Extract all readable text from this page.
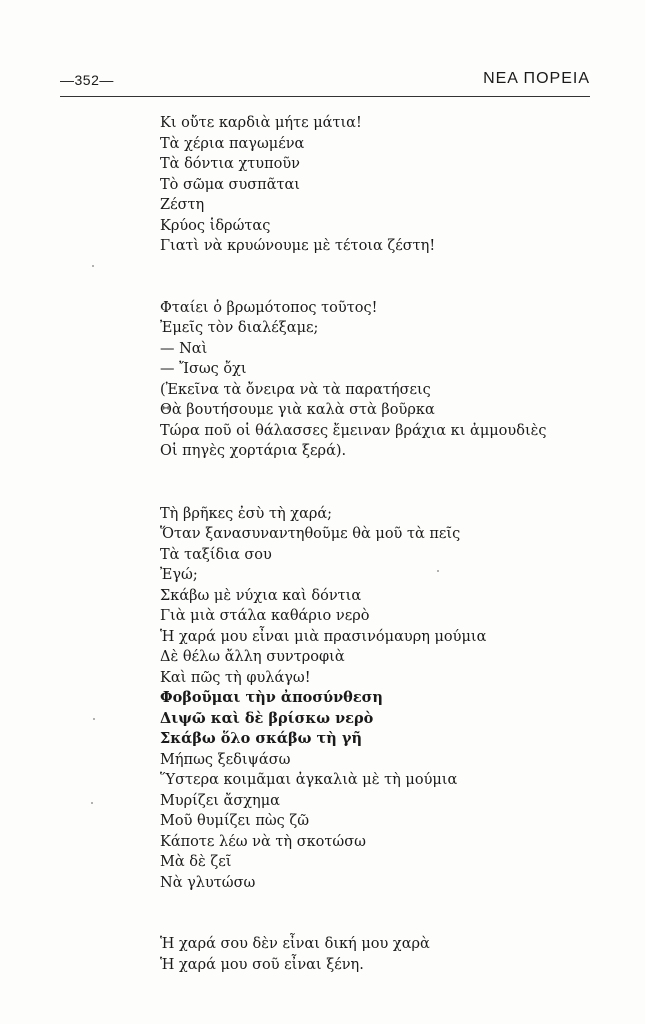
—352—	ΝΕΑ ΠΟΡΕΙΑ
Κι οὔτε καρδιὰ μήτε μάτια!
Τὰ χέρια παγωμένα
Τὰ δόντια χτυποῦν
Τὸ σῶμα συσπᾶται
Ζέστη
Κρύος ἱδρώτας
Γιατὶ νὰ κρυώνουμε μὲ τέτοια ζέστη!
Φταίει ὁ βρωμότοπος τοῦτος!
Ἐμεῖς τὸν διαλέξαμε;
— Ναὶ
— Ἴσως ὄχι
(Ἐκεῖνα τὰ ὄνειρα νὰ τὰ παρατήσεις
Θὰ βουτήσουμε γιὰ καλὰ στὰ βοῦρκα
Τώρα ποῦ οἱ θάλασσες ἔμειναν βράχια κι ἀμμουδιὲς
Οἱ πηγὲς χορτάρια ξερά).
Τὴ βρῆκες ἐσὺ τὴ χαρά;
Ὅταν ξανασυναντηθοῦμε θὰ μοῦ τὰ πεῖς
Τὰ ταξίδια σου
Ἐγώ;
Σκάβω μὲ νύχια καὶ δόντια
Γιὰ μιὰ στάλα καθάριο νερὸ
Ἡ χαρά μου εἶναι μιὰ πρασινόμαυρη μούμια
Δὲ θέλω ἄλλη συντροφιὰ
Καὶ πῶς τὴ φυλάγω!
Φοβοῦμαι τὴν ἀποσύνθεση
Διψῶ καὶ δὲ βρίσκω νερὸ
Σκάβω ὅλο σκάβω τὴ γῆ
Μήπως ξεδιψάσω
Ὕστερα κοιμᾶμαι ἀγκαλιὰ μὲ τὴ μούμια
Μυρίζει ἄσχημα
Μοῦ θυμίζει πὼς ζῶ
Κάποτε λέω νὰ τὴ σκοτώσω
Μὰ δὲ ζεῖ
Νὰ γλυτώσω
Ἡ χαρά σου δὲν εἶναι δική μου χαρὰ
Ἡ χαρά μου σοῦ εἶναι ξένη.
